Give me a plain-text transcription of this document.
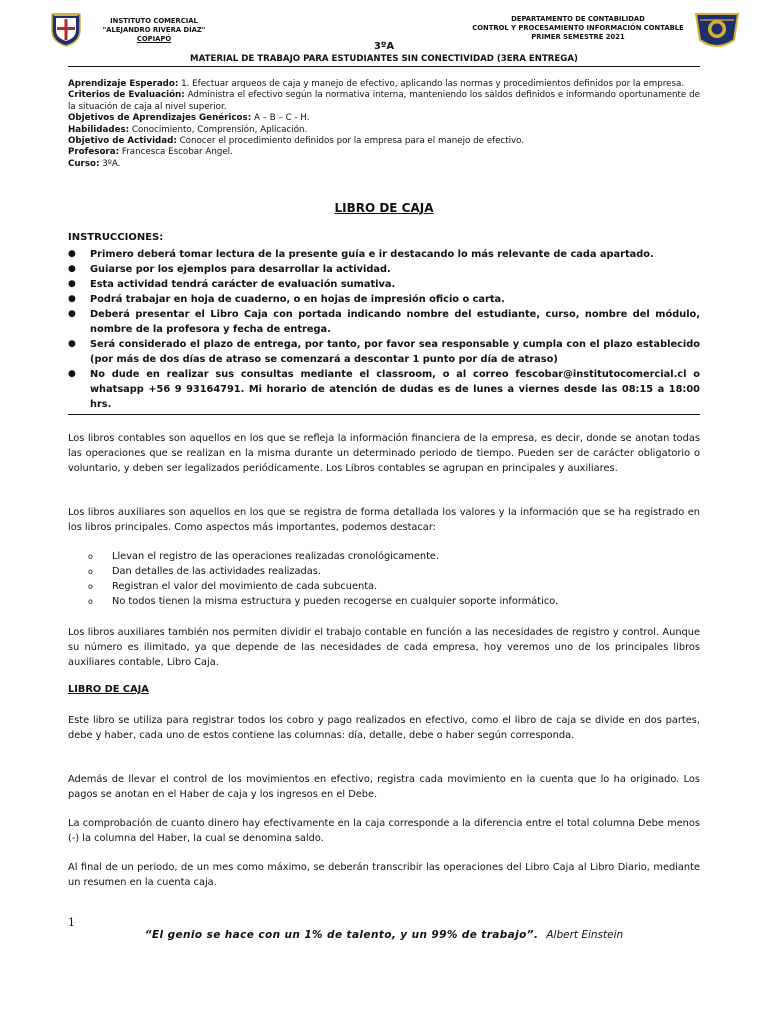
INSTITUTO COMERCIAL
"ALEJANDRO RIVERA DÍAZ"
COPIAPÓ
DEPARTAMENTO DE CONTABILIDAD
CONTROL Y PROCESAMIENTO INFORMACIÓN CONTABLE
PRIMER SEMESTRE 2021
3ºA
MATERIAL DE TRABAJO PARA ESTUDIANTES SIN CONECTIVIDAD (3ERA ENTREGA)

Aprendizaje Esperado: 1. Efectuar arqueos de caja y manejo de efectivo, aplicando las normas y procedimientos definidos por la empresa.

Criterios de Evaluación: Administra el efectivo según la normativa interna, manteniendo los saldos definidos e informando oportunamente de la situación de caja al nivel superior.

Objetivos de Aprendizajes Genéricos: A – B – C - H.

Habilidades: Conocimiento, Comprensión, Aplicación.

Objetivo de Actividad: Conocer el procedimiento definidos por la empresa para el manejo de efectivo.

Profesora: Francesca Escobar Angel.

Curso: 3ºA.

LIBRO DE CAJA
INSTRUCCIONES:
● Primero deberá tomar lectura de la presente guía e ir destacando lo más relevante de cada apartado.
● Guiarse por los ejemplos para desarrollar la actividad.
● Esta actividad tendrá carácter de evaluación sumativa.
● Podrá trabajar en hoja de cuaderno, o en hojas de impresión oficio o carta.
● Deberá presentar el Libro Caja con portada indicando nombre del estudiante, curso, nombre del módulo, nombre de la profesora y fecha de entrega.
● Será considerado el plazo de entrega, por tanto, por favor sea responsable y cumpla con el plazo establecido (por más de dos días de atraso se comenzará a descontar 1 punto por día de atraso)
● No dude en realizar sus consultas mediante el classroom, o al correo fescobar@institutocomercial.cl o whatsapp +56 9 93164791. Mi horario de atención de dudas es de lunes a viernes desde las 08:15 a 18:00 hrs.

Los libros contables son aquellos en los que se refleja la información financiera de la empresa, es decir, donde se anotan todas las operaciones que se realizan en la misma durante un determinado periodo de tiempo. Pueden ser de carácter obligatorio o voluntario, y deben ser legalizados periódicamente. Los Libros contables se agrupan en principales y auxiliares.

Los libros auxiliares son aquellos en los que se registra de forma detallada los valores y la información que se ha registrado en los libros principales. Como aspectos más importantes, podemos destacar:

o Llevan el registro de las operaciones realizadas cronológicamente.
o Dan detalles de las actividades realizadas.
o Registran el valor del movimiento de cada subcuenta.
o No todos tienen la misma estructura y pueden recogerse en cualquier soporte informático.

Los libros auxiliares también nos permiten dividir el trabajo contable en función a las necesidades de registro y control. Aunque su número es ilimitado, ya que depende de las necesidades de cada empresa, hoy veremos uno de los principales libros auxiliares contable, Libro Caja.

LIBRO DE CAJA

Este libro se utiliza para registrar todos los cobro y pago realizados en efectivo, como el libro de caja se divide en dos partes, debe y haber, cada uno de estos contiene las columnas: día, detalle, debe o haber según corresponda.

Además de llevar el control de los movimientos en efectivo, registra cada movimiento en la cuenta que lo ha originado. Los pagos se anotan en el Haber de caja y los ingresos en el Debe.

La comprobación de cuanto dinero hay efectivamente en la caja corresponde a la diferencia entre el total columna Debe menos (-) la columna del Haber, la cual se denomina saldo.

Al final de un periodo, de un mes como máximo, se deberán transcribir las operaciones del Libro Caja al Libro Diario, mediante un resumen en la cuenta caja.

1
“El genio se hace con un 1% de talento, y un 99% de trabajo”. Albert Einstein
